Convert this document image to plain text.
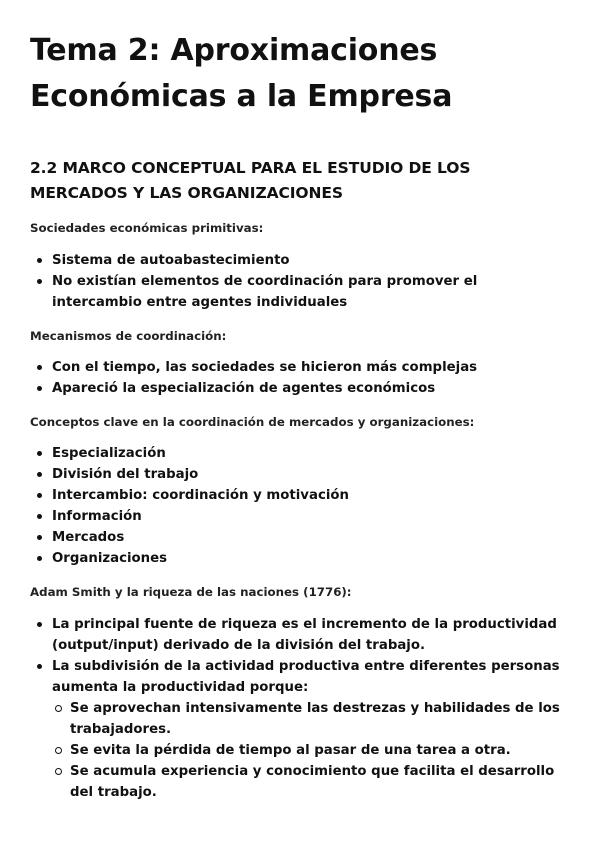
Tema 2: Aproximaciones
Económicas a la Empresa
2.2 MARCO CONCEPTUAL PARA EL ESTUDIO DE LOS MERCADOS Y LAS ORGANIZACIONES
Sociedades económicas primitivas:
Sistema de autoabastecimiento
No existían elementos de coordinación para promover el intercambio entre agentes individuales
Mecanismos de coordinación:
Con el tiempo, las sociedades se hicieron más complejas
Apareció la especialización de agentes económicos
Conceptos clave en la coordinación de mercados y organizaciones:
Especialización
División del trabajo
Intercambio: coordinación y motivación
Información
Mercados
Organizaciones
Adam Smith y la riqueza de las naciones (1776):
La principal fuente de riqueza es el incremento de la productividad (output/input) derivado de la división del trabajo.
La subdivisión de la actividad productiva entre diferentes personas aumenta la productividad porque:
Se aprovechan intensivamente las destrezas y habilidades de los trabajadores.
Se evita la pérdida de tiempo al pasar de una tarea a otra.
Se acumula experiencia y conocimiento que facilita el desarrollo del trabajo.
